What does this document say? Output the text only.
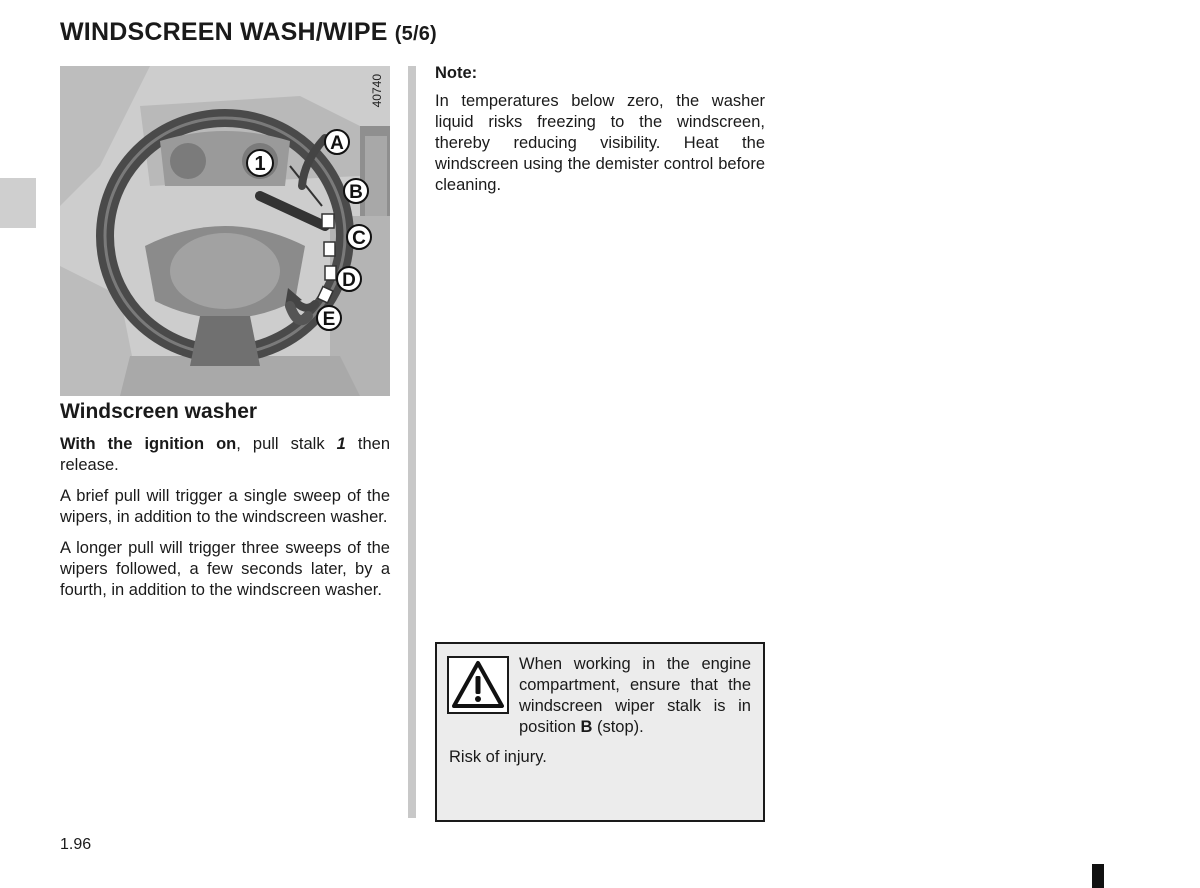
WINDSCREEN WASH/WIPE (5/6)
1
A
B
C
D
E
40740
Windscreen washer

With the ignition on, pull stalk 1 then release.

A brief pull will trigger a single sweep of the wipers, in addition to the windscreen washer.

A longer pull will trigger three sweeps of the wipers followed, a few seconds later, by a fourth, in addition to the windscreen washer.

Note:

In temperatures below zero, the washer liquid risks freezing to the windscreen, thereby reducing visibility. Heat the windscreen using the demister control before cleaning.

When working in the engine compartment, ensure that the windscreen wiper stalk is in position B (stop).

Risk of injury.

1.96
